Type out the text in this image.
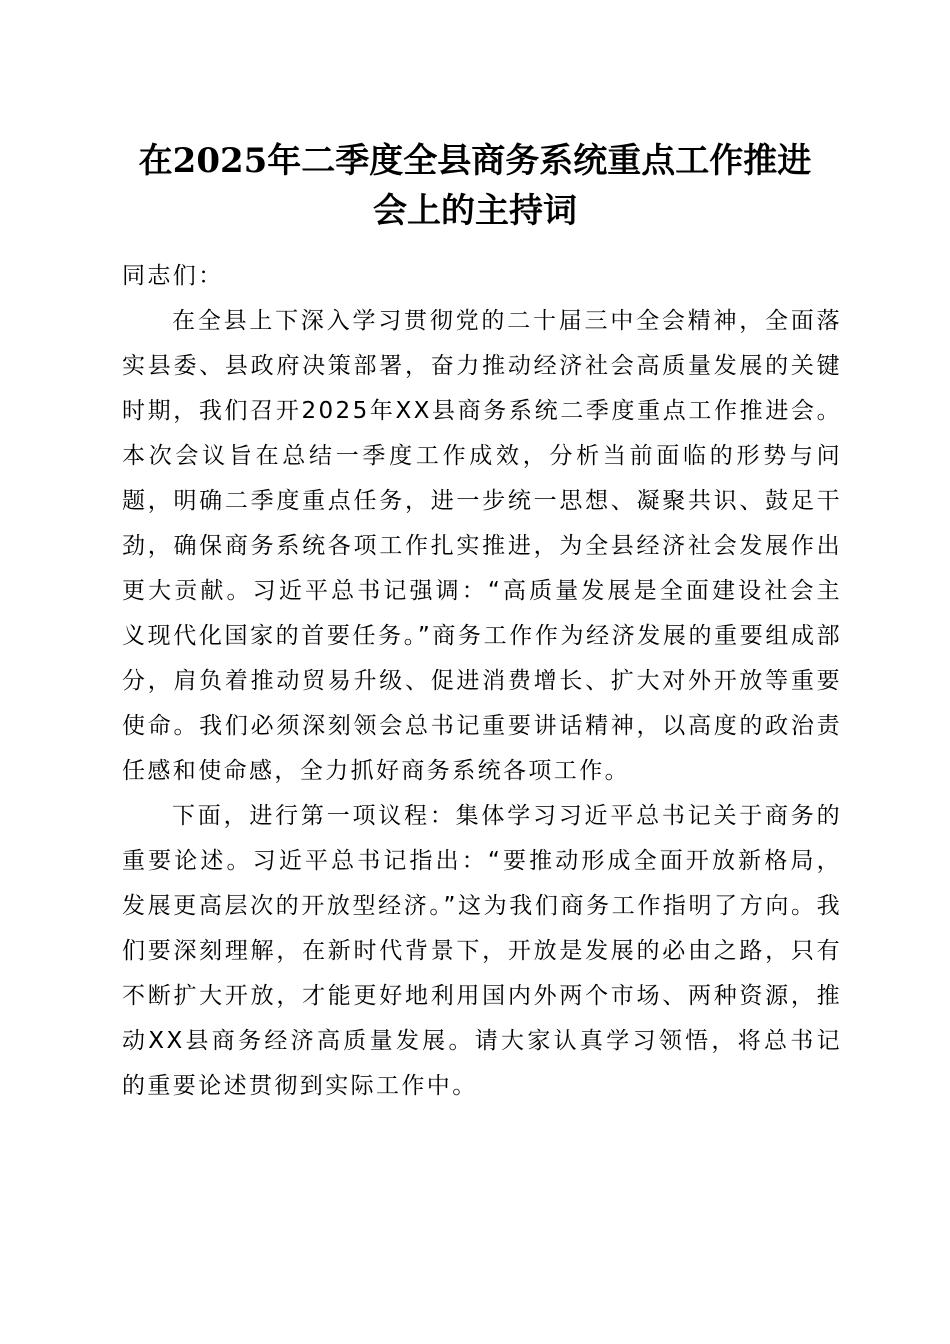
在2025年二季度全县商务系统重点工作推进
会上的主持词

同志们：

在全县上下深入学习贯彻党的二十届三中全会精神，全面落实县委、县政府决策部署，奋力推动经济社会高质量发展的关键时期，我们召开2025年XX县商务系统二季度重点工作推进会。本次会议旨在总结一季度工作成效，分析当前面临的形势与问题，明确二季度重点任务，进一步统一思想、凝聚共识、鼓足干劲，确保商务系统各项工作扎实推进，为全县经济社会发展作出更大贡献。习近平总书记强调：“高质量发展是全面建设社会主义现代化国家的首要任务。”商务工作作为经济发展的重要组成部分，肩负着推动贸易升级、促进消费增长、扩大对外开放等重要使命。我们必须深刻领会总书记重要讲话精神，以高度的政治责任感和使命感，全力抓好商务系统各项工作。

下面，进行第一项议程：集体学习习近平总书记关于商务的重要论述。习近平总书记指出：“要推动形成全面开放新格局，发展更高层次的开放型经济。”这为我们商务工作指明了方向。我们要深刻理解，在新时代背景下，开放是发展的必由之路，只有不断扩大开放，才能更好地利用国内外两个市场、两种资源，推动XX县商务经济高质量发展。请大家认真学习领悟，将总书记的重要论述贯彻到实际工作中。
